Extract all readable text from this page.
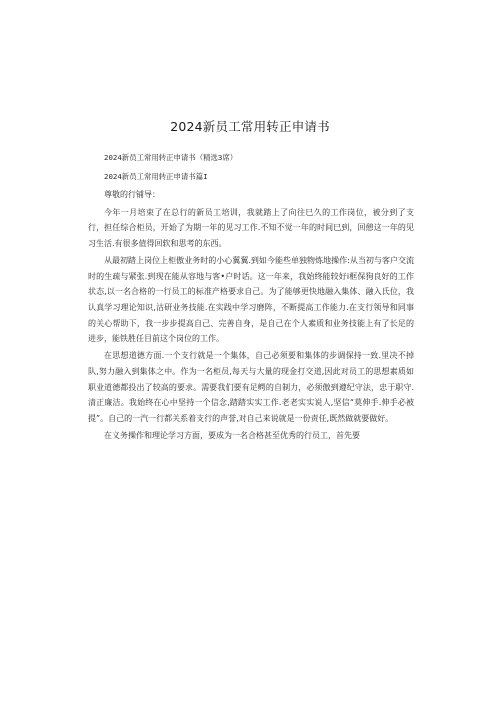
2024新员工常用转正申请书

2024新员工常用转正申请书（精选3席）

2024新员工常用转正申请书篇I

尊敬的行铺导：

今年一月培束了在总行的新员工培训，我就踏上了向往巳久的工作岗位，被分到了支行，担任综合柜员，开始了为期一年的见习工作.不知不觉一年的时间巳到，回憩这一年的见习生活.有很多值得回软和思考的东西。

从最初踏上岗位上柜傲业务时的小心翼翼.到如今能些单独物炼地操作:从当初与客户交流时的生疏与紧张.到现在能从容地与客•户时话。这一年来，我始终能较好i框保狗良好的工作状态,以一名合格的一行员工的标准产格要求自己。为了能够更快地融入集体、融入氏位，我认真学习理论知识,沽研业务技能.在实践中学习磨阵，不断提高工作能力.在支行领导和同事的关心帮助下，我一步步提高自己、完善自身，是自己在个人素质和业务技能上有了长足的进步，能铁胜任目前这个岗位的工作。

在思想道德方面.一个支行就是一个集体，自己必须要和集体的步调保持一致.里决不掉队,努力融入到集体之中。作为一名柜员,每天与大量的现金打交道,因此对员工的思想素质如职业道德都投出了较高的要求。需要我们要有足鳄的自制力，必须傲到遵纪守法，忠于职守.清正廉洁。我始终在心中坚持一个信念,踏踏实实工作.老老实实说人,坚信“莫伸手.伸手必被提”。自己的一汽一行都关系着支行的声誉,对自己来说就是一份责任,既然做就要做好。

在义务操作和理论学习方面，要成为一名合格甚至优秀的行员工，首先要
